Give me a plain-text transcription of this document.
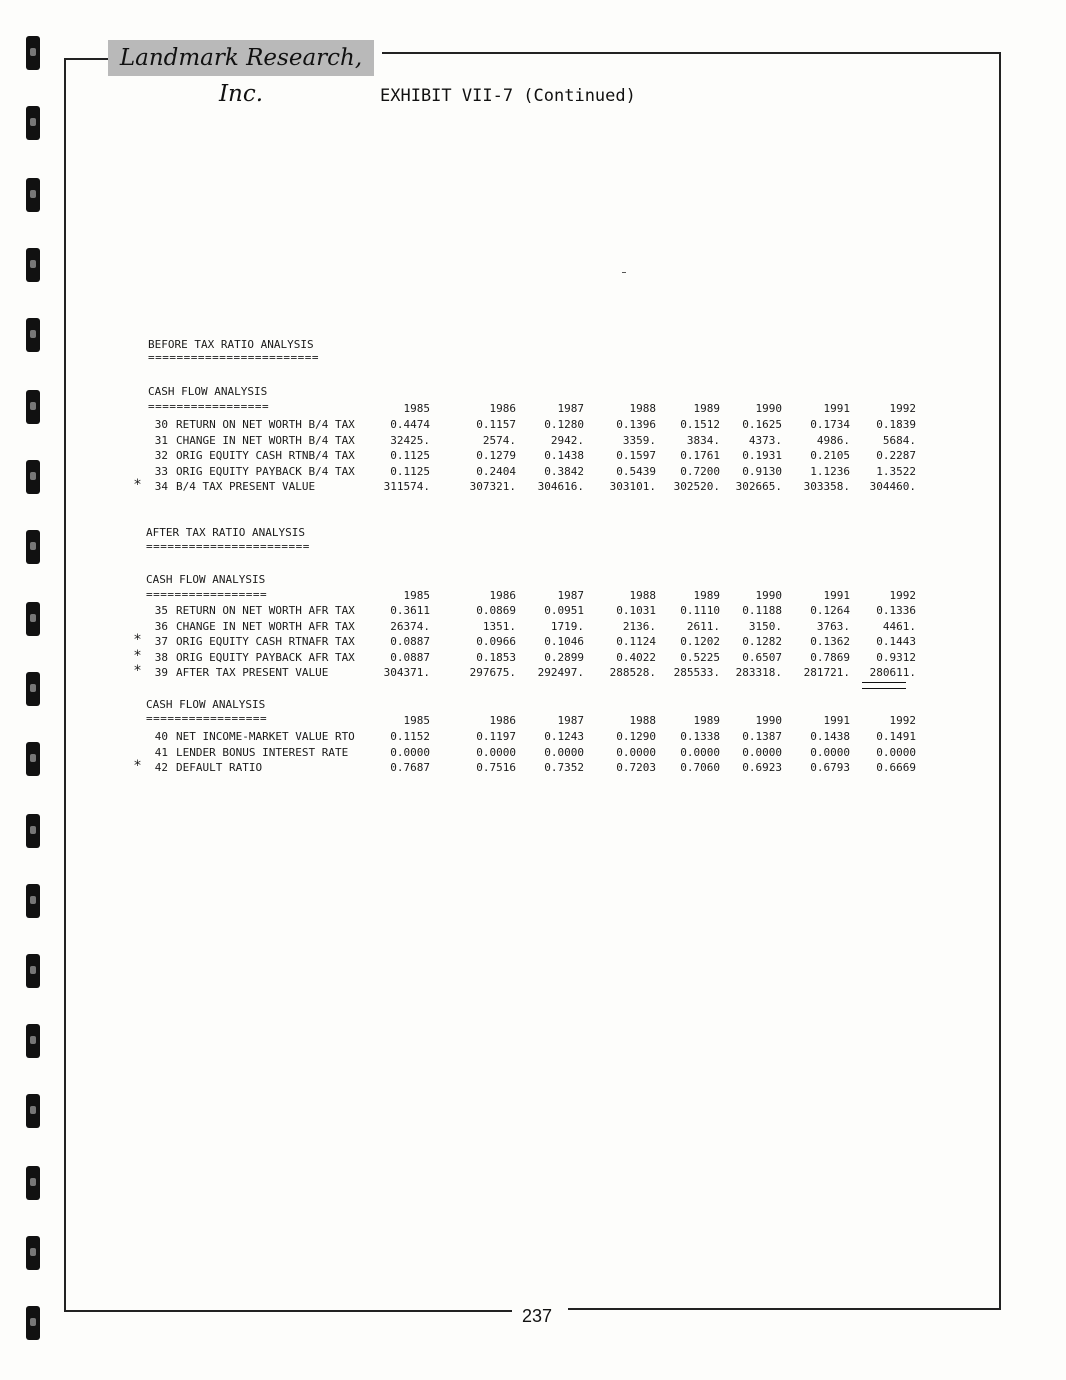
Landmark Research, Inc.	EXHIBIT VII-7 (Continued)
BEFORE TAX RATIO ANALYSIS
========================
CASH FLOW ANALYSIS
=================	1985	1986	1987	1988	1989	1990	1991	1992
30 RETURN ON NET WORTH B/4 TAX	0.4474	0.1157	0.1280	0.1396	0.1512	0.1625	0.1734	0.1839
31 CHANGE IN NET WORTH B/4 TAX	32425.	2574.	2942.	3359.	3834.	4373.	4986.	5684.
32 ORIG EQUITY CASH RTNB/4 TAX	0.1125	0.1279	0.1438	0.1597	0.1761	0.1931	0.2105	0.2287
33 ORIG EQUITY PAYBACK B/4 TAX	0.1125	0.2404	0.3842	0.5439	0.7200	0.9130	1.1236	1.3522
*	34 B/4 TAX PRESENT VALUE	311574.	307321.	304616.	303101.	302520.	302665.	303358.	304460.
AFTER TAX RATIO ANALYSIS
=======================
CASH FLOW ANALYSIS
=================	1985	1986	1987	1988	1989	1990	1991	1992
35 RETURN ON NET WORTH AFR TAX	0.3611	0.0869	0.0951	0.1031	0.1110	0.1188	0.1264	0.1336
36 CHANGE IN NET WORTH AFR TAX	26374.	1351.	1719.	2136.	2611.	3150.	3763.	4461.
*	37 ORIG EQUITY CASH RTNAFR TAX	0.0887	0.0966	0.1046	0.1124	0.1202	0.1282	0.1362	0.1443
*	38 ORIG EQUITY PAYBACK AFR TAX	0.0887	0.1853	0.2899	0.4022	0.5225	0.6507	0.7869	0.9312
*	39 AFTER TAX PRESENT VALUE	304371.	297675.	292497.	288528.	285533.	283318.	281721.	280611.
CASH FLOW ANALYSIS
=================	1985	1986	1987	1988	1989	1990	1991	1992
40 NET INCOME-MARKET VALUE RTO	0.1152	0.1197	0.1243	0.1290	0.1338	0.1387	0.1438	0.1491
41 LENDER BONUS INTEREST RATE	0.0000	0.0000	0.0000	0.0000	0.0000	0.0000	0.0000	0.0000
*	42 DEFAULT RATIO	0.7687	0.7516	0.7352	0.7203	0.7060	0.6923	0.6793	0.6669
237
